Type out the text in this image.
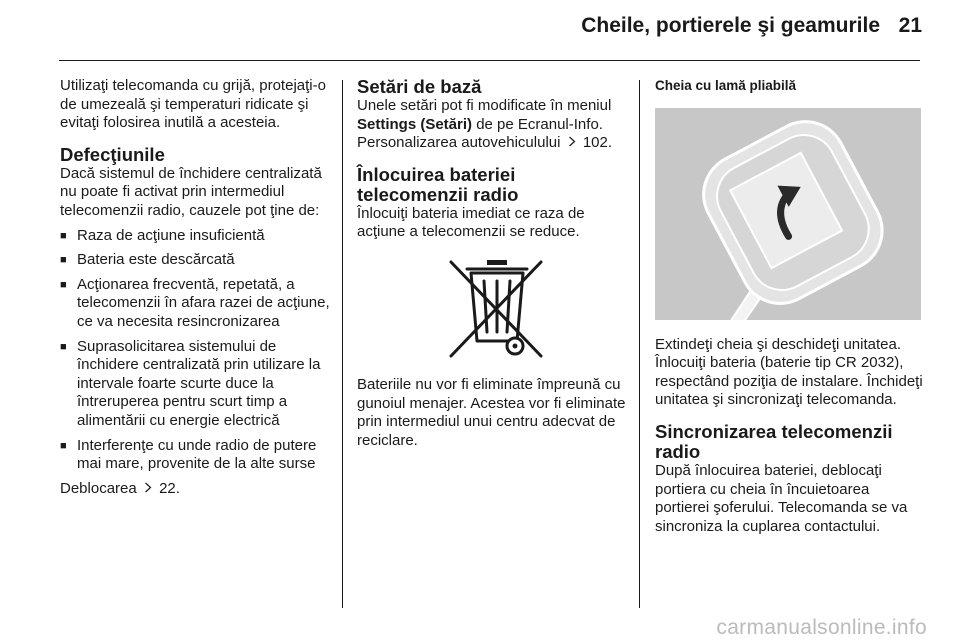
Cheile, portierele şi geamurile 21

Utilizaţi telecomanda cu grijă, protejaţi-o de umezeală şi temperaturi ridicate şi evitaţi folosirea inutilă a acesteia.

Defecţiunile

Dacă sistemul de închidere centralizată nu poate fi activat prin intermediul telecomenzii radio, cauzele pot ţine de:

■ Raza de acţiune insuficientă
■ Bateria este descărcată
■ Acţionarea frecventă, repetată, a telecomenzii în afara razei de acţiune, ce va necesita resincronizarea
■ Suprasolicitarea sistemului de închidere centralizată prin utilizare la intervale foarte scurte duce la întreruperea pentru scurt timp a alimentării cu energie electrică
■ Interferenţe cu unde radio de putere mai mare, provenite de la alte surse

Deblocarea 22.

Setări de bază

Unele setări pot fi modificate în meniul Settings (Setări) de pe Ecranul-Info. Personalizarea autovehiculului 102.

Înlocuirea bateriei telecomenzii radio

Înlocuiţi bateria imediat ce raza de acţiune a telecomenzii se reduce.

Bateriile nu vor fi eliminate împreună cu gunoiul menajer. Acestea vor fi eliminate prin intermediul unui centru adecvat de reciclare.

Cheia cu lamă pliabilă

Extindeţi cheia şi deschideţi unitatea. Înlocuiţi bateria (baterie tip CR 2032), respectând poziţia de instalare. Închideţi unitatea şi sincronizaţi telecomanda.

Sincronizarea telecomenzii radio

După înlocuirea bateriei, deblocaţi portiera cu cheia în încuietoarea portierei şoferului. Telecomanda se va sincroniza la cuplarea contactului.

carmanualsonline.info
